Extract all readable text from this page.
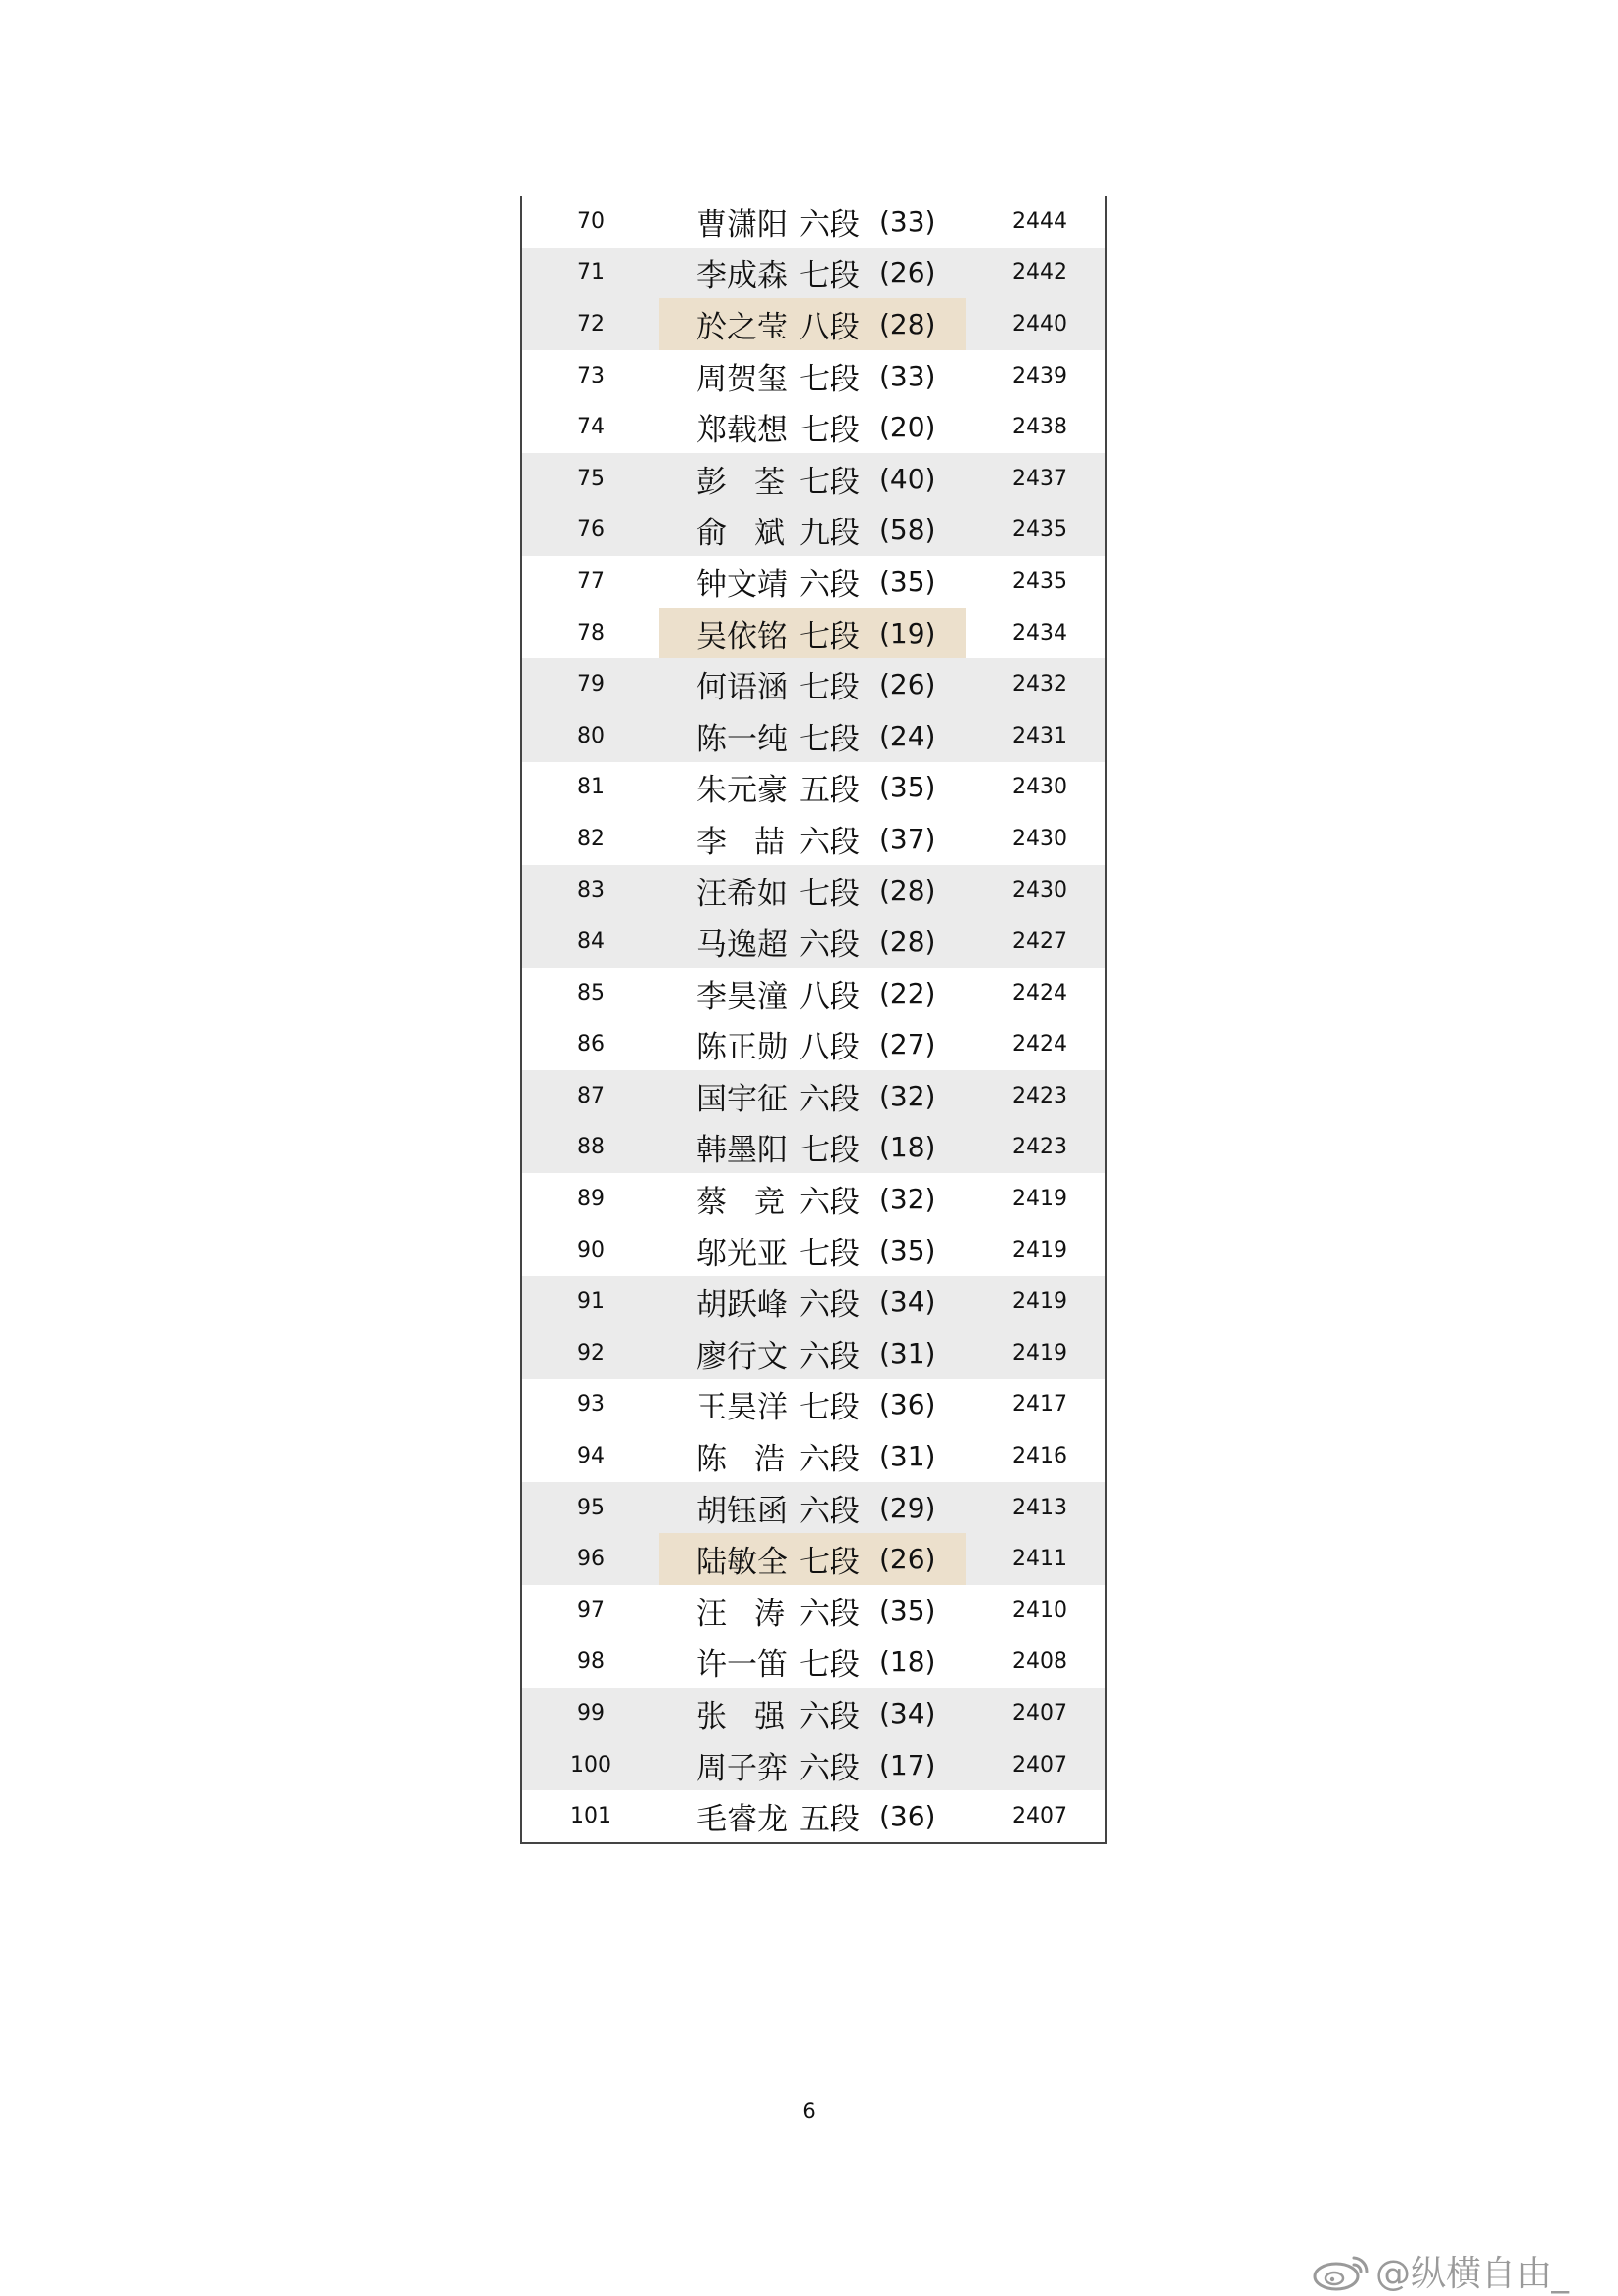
70	曹潇阳 六段 (33)	2444
71	李成森 七段 (26)	2442
72	於之莹 八段 (28)	2440
73	周贺玺 七段 (33)	2439
74	郑载想 七段 (20)	2438
75	彭 荃 七段 (40)	2437
76	俞 斌 九段 (58)	2435
77	钟文靖 六段 (35)	2435
78	吴依铭 七段 (19)	2434
79	何语涵 七段 (26)	2432
80	陈一纯 七段 (24)	2431
81	朱元豪 五段 (35)	2430
82	李 喆 六段 (37)	2430
83	汪希如 七段 (28)	2430
84	马逸超 六段 (28)	2427
85	李昊潼 八段 (22)	2424
86	陈正勋 八段 (27)	2424
87	国宇征 六段 (32)	2423
88	韩墨阳 七段 (18)	2423
89	蔡 竞 六段 (32)	2419
90	邬光亚 七段 (35)	2419
91	胡跃峰 六段 (34)	2419
92	廖行文 六段 (31)	2419
93	王昊洋 七段 (36)	2417
94	陈 浩 六段 (31)	2416
95	胡钰函 六段 (29)	2413
96	陆敏全 七段 (26)	2411
97	汪 涛 六段 (35)	2410
98	许一笛 七段 (18)	2408
99	张 强 六段 (34)	2407
100	周子弈 六段 (17)	2407
101	毛睿龙 五段 (36)	2407
6
@纵横自由_
